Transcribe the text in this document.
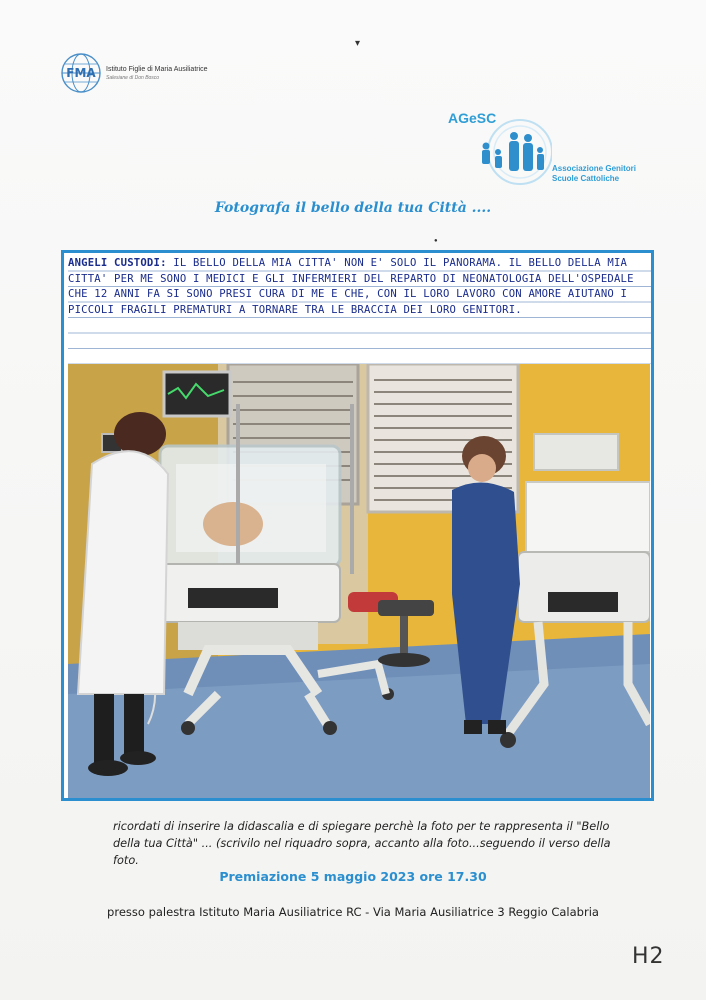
FMA Istituto Figlie di Maria Ausiliatrice
Salesiane di Don Bosco
AGeSC
Associazione Genitori
Scuole Cattoliche
▾
●
Fotografa il bello della tua Città ....
ANGELI CUSTODI: IL BELLO DELLA MIA CITTA' NON E' SOLO IL PANORAMA. IL BELLO DELLA MIA CITTA' PER ME SONO I MEDICI E GLI INFERMIERI DEL REPARTO DI NEONATOLOGIA DELL'OSPEDALE CHE 12 ANNI FA SI SONO PRESI CURA DI ME E CHE, CON IL LORO LAVORO CON AMORE AIUTANO I PICCOLI FRAGILI PREMATURI A TORNARE TRA LE BRACCIA DEI LORO GENITORI.
ricordati di inserire la didascalia e di spiegare perchè la foto per te rappresenta il "Bello della tua Città" ... (scrivilo nel riquadro sopra, accanto alla foto...seguendo il verso della foto.
Premiazione 5 maggio 2023 ore 17.30
presso palestra Istituto Maria Ausiliatrice RC - Via Maria Ausiliatrice 3 Reggio Calabria
H2
